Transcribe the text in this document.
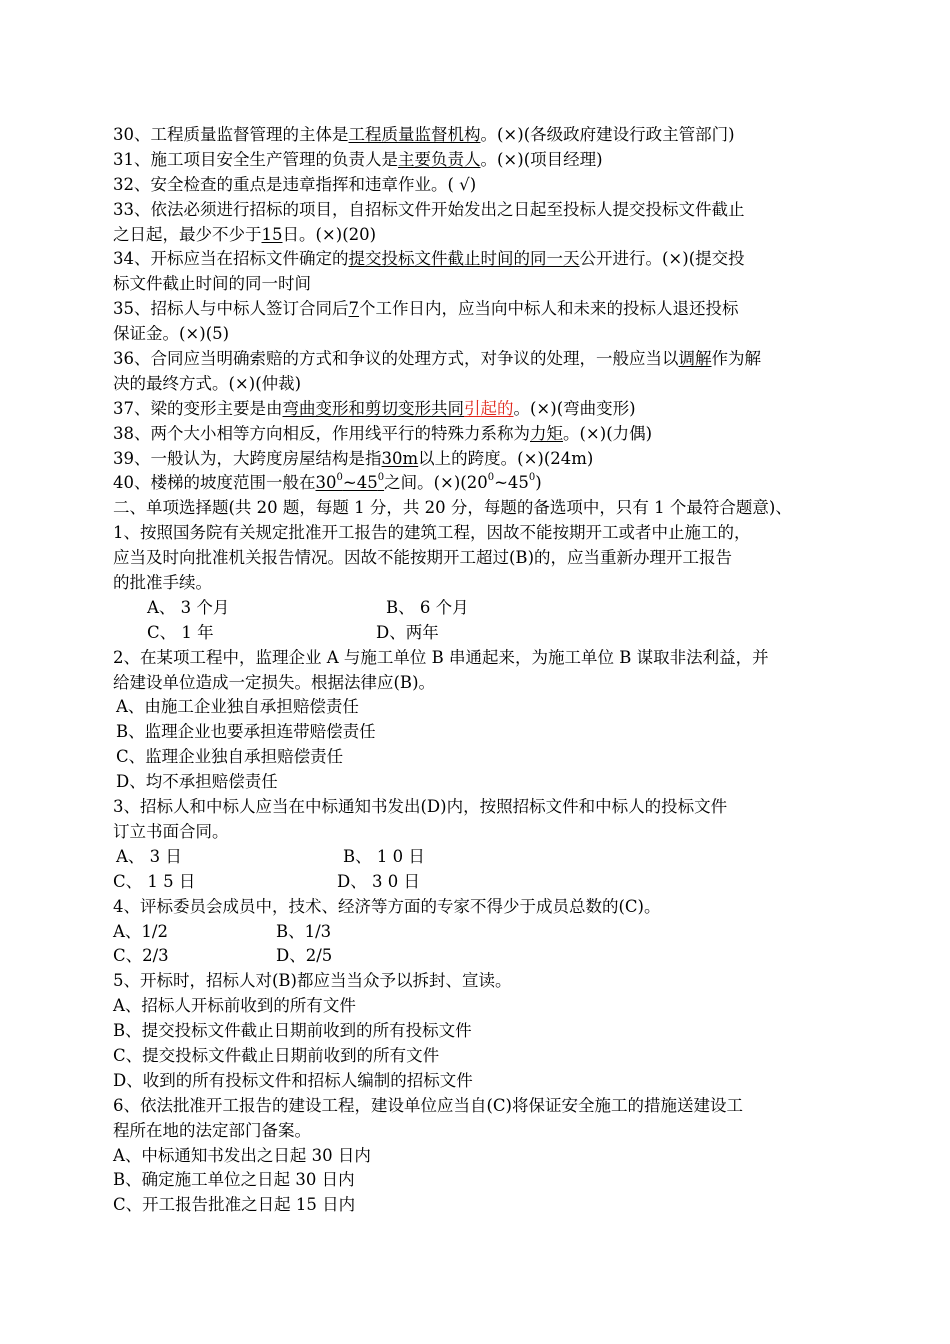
30、工程质量监督管理的主体是工程质量监督机构。(×)(各级政府建设行政主管部门)
31、施工项目安全生产管理的负责人是主要负责人。(×)(项目经理)
32、安全检查的重点是违章指挥和违章作业。( √)
33、依法必须进行招标的项目，自招标文件开始发出之日起至投标人提交投标文件截止
之日起，最少不少于15日。(×)(20)
34、开标应当在招标文件确定的提交投标文件截止时间的同一天公开进行。(×)(提交投
标文件截止时间的同一时间
35、招标人与中标人签订合同后7个工作日内，应当向中标人和未来的投标人退还投标
保证金。(×)(5)
36、合同应当明确索赔的方式和争议的处理方式，对争议的处理，一般应当以调解作为解
决的最终方式。(×)(仲裁)
37、梁的变形主要是由弯曲变形和剪切变形共同引起的。(×)(弯曲变形)
38、两个大小相等方向相反，作用线平行的特殊力系称为力矩。(×)(力偶)
39、一般认为，大跨度房屋结构是指30m以上的跨度。(×)(24m)
40、楼梯的坡度范围一般在$30^0\sim 45^0$之间。$(\times)(20^0\sim 45^0)$
二、单项选择题(共 20 题，每题 1 分，共 20 分，每题的备选项中，只有 1 个最符合题意)、
1、按照国务院有关规定批准开工报告的建筑工程，因故不能按期开工或者中止施工的，
应当及时向批准机关报告情况。因故不能按期开工超过(B)的，应当重新办理开工报告
的批准手续。
A、 3 个月	B、 6 个月
C、 1 年	D、两年
2、在某项工程中，监理企业 A 与施工单位 B 串通起来，为施工单位 B 谋取非法利益，并
给建设单位造成一定损失。根据法律应(B)。
A、由施工企业独自承担赔偿责任
B、监理企业也要承担连带赔偿责任
C、监理企业独自承担赔偿责任
D、均不承担赔偿责任
3、招标人和中标人应当在中标通知书发出(D)内，按照招标文件和中标人的投标文件
订立书面合同。
A、 3 日	B、 1 0 日
C、 1 5 日	D、 3 0 日
4、评标委员会成员中，技术、经济等方面的专家不得少于成员总数的(C)。
A、1/2	B、1/3
C、2/3	D、2/5
5、开标时，招标人对(B)都应当当众予以拆封、宣读。
A、招标人开标前收到的所有文件
B、提交投标文件截止日期前收到的所有投标文件
C、提交投标文件截止日期前收到的所有文件
D、收到的所有投标文件和招标人编制的招标文件
6、依法批准开工报告的建设工程，建设单位应当自(C)将保证安全施工的措施送建设工
程所在地的法定部门备案。
A、中标通知书发出之日起 30 日内
B、确定施工单位之日起 30 日内
C、开工报告批准之日起 15 日内
